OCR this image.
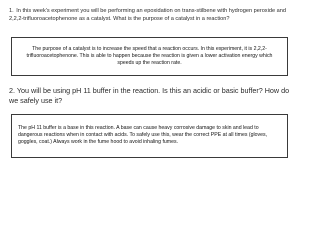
1. In this week's experiment you will be performing an epoxidation on trans-stilbene with hydrogen peroxide and 2,2,2-trifluoroacetophenone as a catalyst. What is the purpose of a catalyst in a reaction?
The purpose of a catalyst is to increase the speed that a reaction occurs. In this experiment, it is 2,2,2-trifluoroacetophenone. This is able to happen because the reaction is given a lower activation energy which speeds up the reaction rate.
2. You will be using pH 11 buffer in the reaction. Is this an acidic or basic buffer? How do we safely use it?
The pH 11 buffer is a base in this reaction. A base can cause heavy corrosive damage to skin and lead to dangerous reactions when in contact with acids. To safely use this, wear the correct PPE at all times (gloves, goggles, coat.) Always work in the fume hood to avoid inhaling fumes.
